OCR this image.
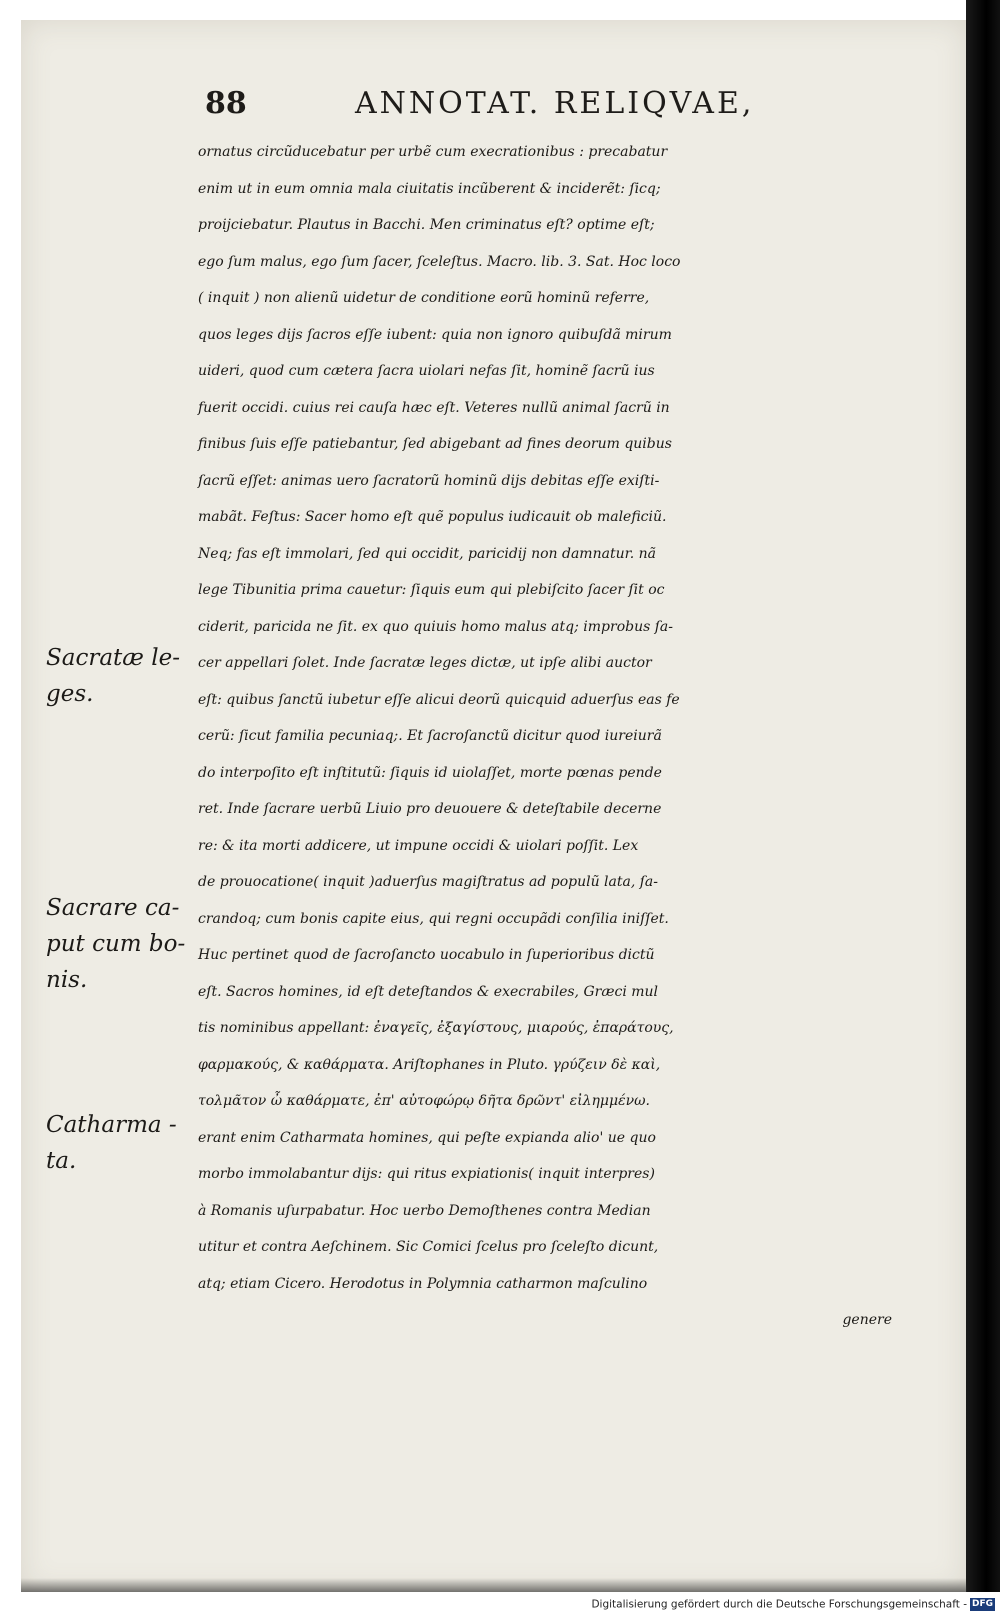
88	ANNOTAT. RELIQVAE,
ornatus circũducebatur per urbẽ cum execrationibus : precabatur
enim ut in eum omnia mala ciuitatis incũberent & inciderẽt: ſicq;
proijciebatur. Plautus in Bacchi. Men criminatus eſt? optime eſt;
ego ſum malus, ego ſum ſacer, ſceleſtus. Macro. lib. 3. Sat. Hoc loco
( inquit ) non alienũ uidetur de conditione eorũ hominũ referre,
quos leges dijs ſacros eſſe iubent: quia non ignoro quibuſdã mirum
uideri, quod cum cætera ſacra uiolari nefas ſit, hominẽ ſacrũ ius
fuerit occidi. cuius rei cauſa hæc eſt. Veteres nullũ animal ſacrũ in
finibus ſuis eſſe patiebantur, ſed abigebant ad fines deorum quibus
ſacrũ eſſet: animas uero ſacratorũ hominũ dijs debitas eſſe exiſti-
mabãt. Feſtus: Sacer homo eſt quẽ populus iudicauit ob maleficiũ.
Neq; fas eſt immolari, ſed qui occidit, paricidij non damnatur. nã
lege Tibunitia prima cauetur: ſiquis eum qui plebiſcito ſacer ſit oc
ciderit, paricida ne ſit. ex quo quiuis homo malus atq; improbus ſa-
cer appellari ſolet. Inde ſacratæ leges dictæ, ut ipſe alibi auctor
eſt: quibus ſanctũ iubetur eſſe alicui deorũ quicquid aduerſus eas fe
cerũ: ſicut familia pecuniaq;. Et ſacroſanctũ dicitur quod iureiurã
do interpoſito eſt inſtitutũ: ſiquis id uiolaſſet, morte pœnas pende
ret. Inde ſacrare uerbũ Liuio pro deuouere & deteſtabile decerne
re: & ita morti addicere, ut impune occidi & uiolari poſſit. Lex
de prouocatione( inquit )aduerſus magiſtratus ad populũ lata, ſa-
crandoq; cum bonis capite eius, qui regni occupãdi conſilia iniſſet.
Huc pertinet quod de ſacroſancto uocabulo in ſuperioribus dictũ
eſt. Sacros homines, id eſt deteſtandos & execrabiles, Græci mul
tis nominibus appellant: ἐναγεῖς, ἐξαγίστους, μιαρούς, ἐπαράτους,
φαρμακούς, & καθάρματα. Ariſtophanes in Pluto. γρύζειν δὲ καὶ,
τολμᾶτον ὦ καθάρματε, ἐπ' αὐτοφώρῳ δῆτα δρῶντ' εἰλημμένω.
erant enim Catharmata homines, qui peſte expianda alio' ue quo
morbo immolabantur dijs: qui ritus expiationis( inquit interpres)
à Romanis uſurpabatur. Hoc uerbo Demoſthenes contra Median
utitur et contra Aeſchinem. Sic Comici ſcelus pro ſceleſto dicunt,
atq; etiam Cicero. Herodotus in Polymnia catharmon maſculino
genere
Sacratæ le-
ges.
Sacrare ca-
put cum bo-
nis.
Catharma -
ta.
Digitalisierung gefördert durch die Deutsche Forschungsgemeinschaft - DFG
